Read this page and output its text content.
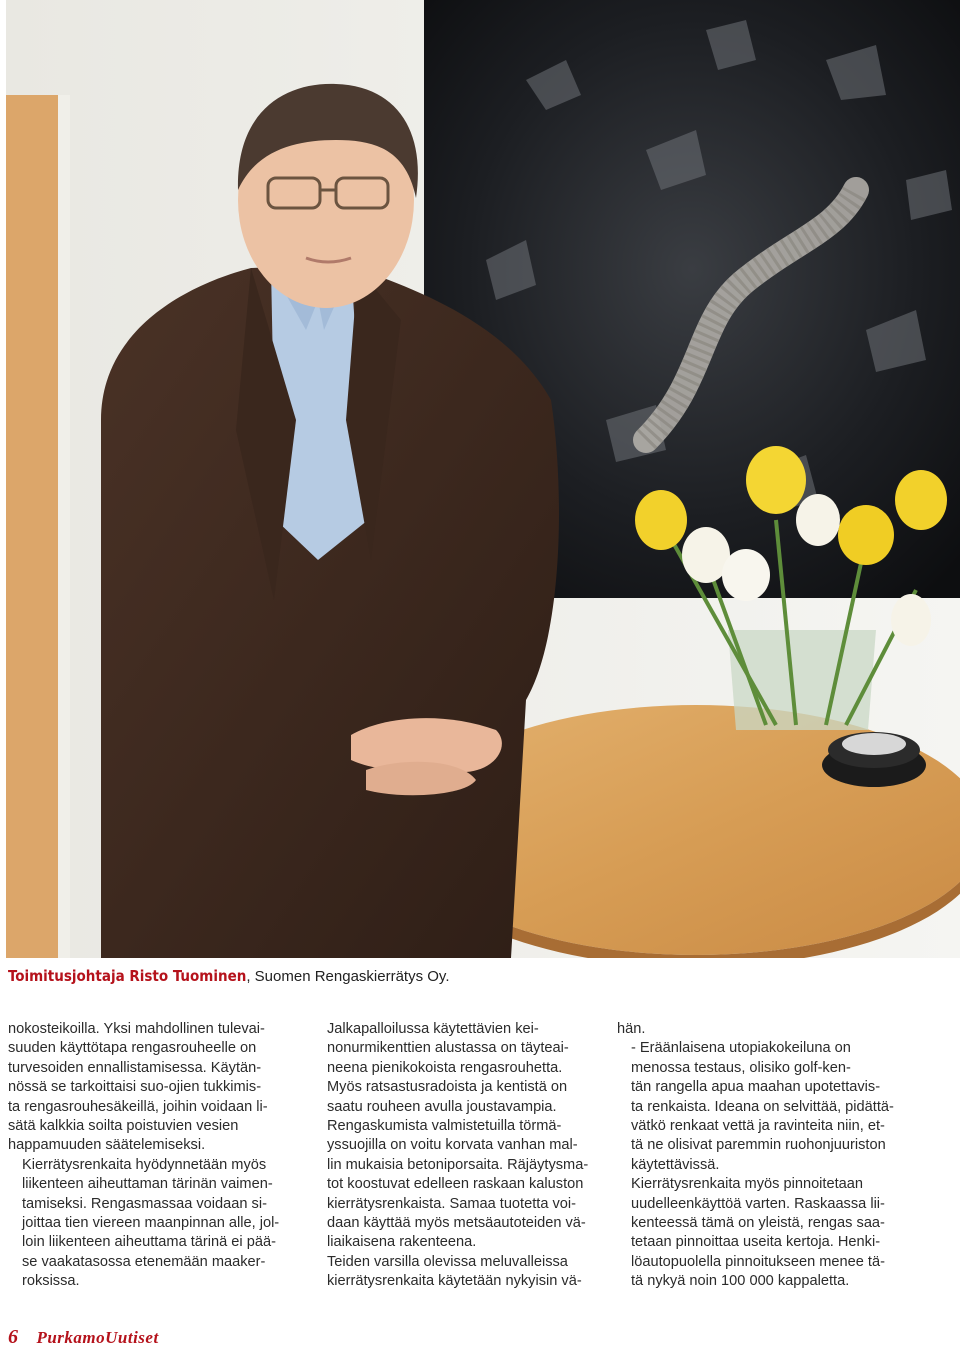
Toimitusjohtaja Risto Tuominen, Suomen Rengaskierrätys Oy.

nokosteikoilla. Yksi mahdollinen tulevai-
suuden käyttötapa rengasrouheelle on
turvesoiden ennallistamisessa. Käytän-
nössä se tarkoittaisi suo-ojien tukkimis-
ta rengasrouhesäkeillä, joihin voidaan li-
sätä kalkkia soilta poistuvien vesien
happamuuden säätelemiseksi.

Kierrätysrenkaita hyödynnetään myös
liikenteen aiheuttaman tärinän vaimen-
tamiseksi. Rengasmassaa voidaan si-
joittaa tien viereen maanpinnan alle, jol-
loin liikenteen aiheuttama tärinä ei pää-
se vaakatasossa etenemään maaker-
roksissa.

Jalkapalloilussa käytettävien kei-
nonurmikenttien alustassa on täyteai-
neena pienikokoista rengasrouhetta.
Myös ratsastusradoista ja kentistä on
saatu rouheen avulla joustavampia.

Rengaskumista valmistetuilla törmä-
yssuojilla on voitu korvata vanhan mal-
lin mukaisia betoniporsaita. Räjäytysma-
tot koostuvat edelleen raskaan kaluston
kierrätysrenkaista. Samaa tuotetta voi-
daan käyttää myös metsäautoteiden vä-
liaikaisena rakenteena.

Teiden varsilla olevissa meluvalleissa
kierrätysrenkaita käytetään nykyisin vä-

hän.

- Eräänlaisena utopiakokeiluna on
menossa testaus, olisiko golf-ken-
tän rangella apua maahan upotettavis-
ta renkaista. Ideana on selvittää, pidättä-
vätkö renkaat vettä ja ravinteita niin, et-
tä ne olisivat paremmin ruohonjuuriston
käytettävissä.

Kierrätysrenkaita myös pinnoitetaan
uudelleenkäyttöä varten. Raskaassa lii-
kenteessä tämä on yleistä, rengas saa-
tetaan pinnoittaa useita kertoja. Henki-
löautopuolella pinnoitukseen menee tä-
tä nykyä noin 100 000 kappaletta.

6 PurkamoUutiset
